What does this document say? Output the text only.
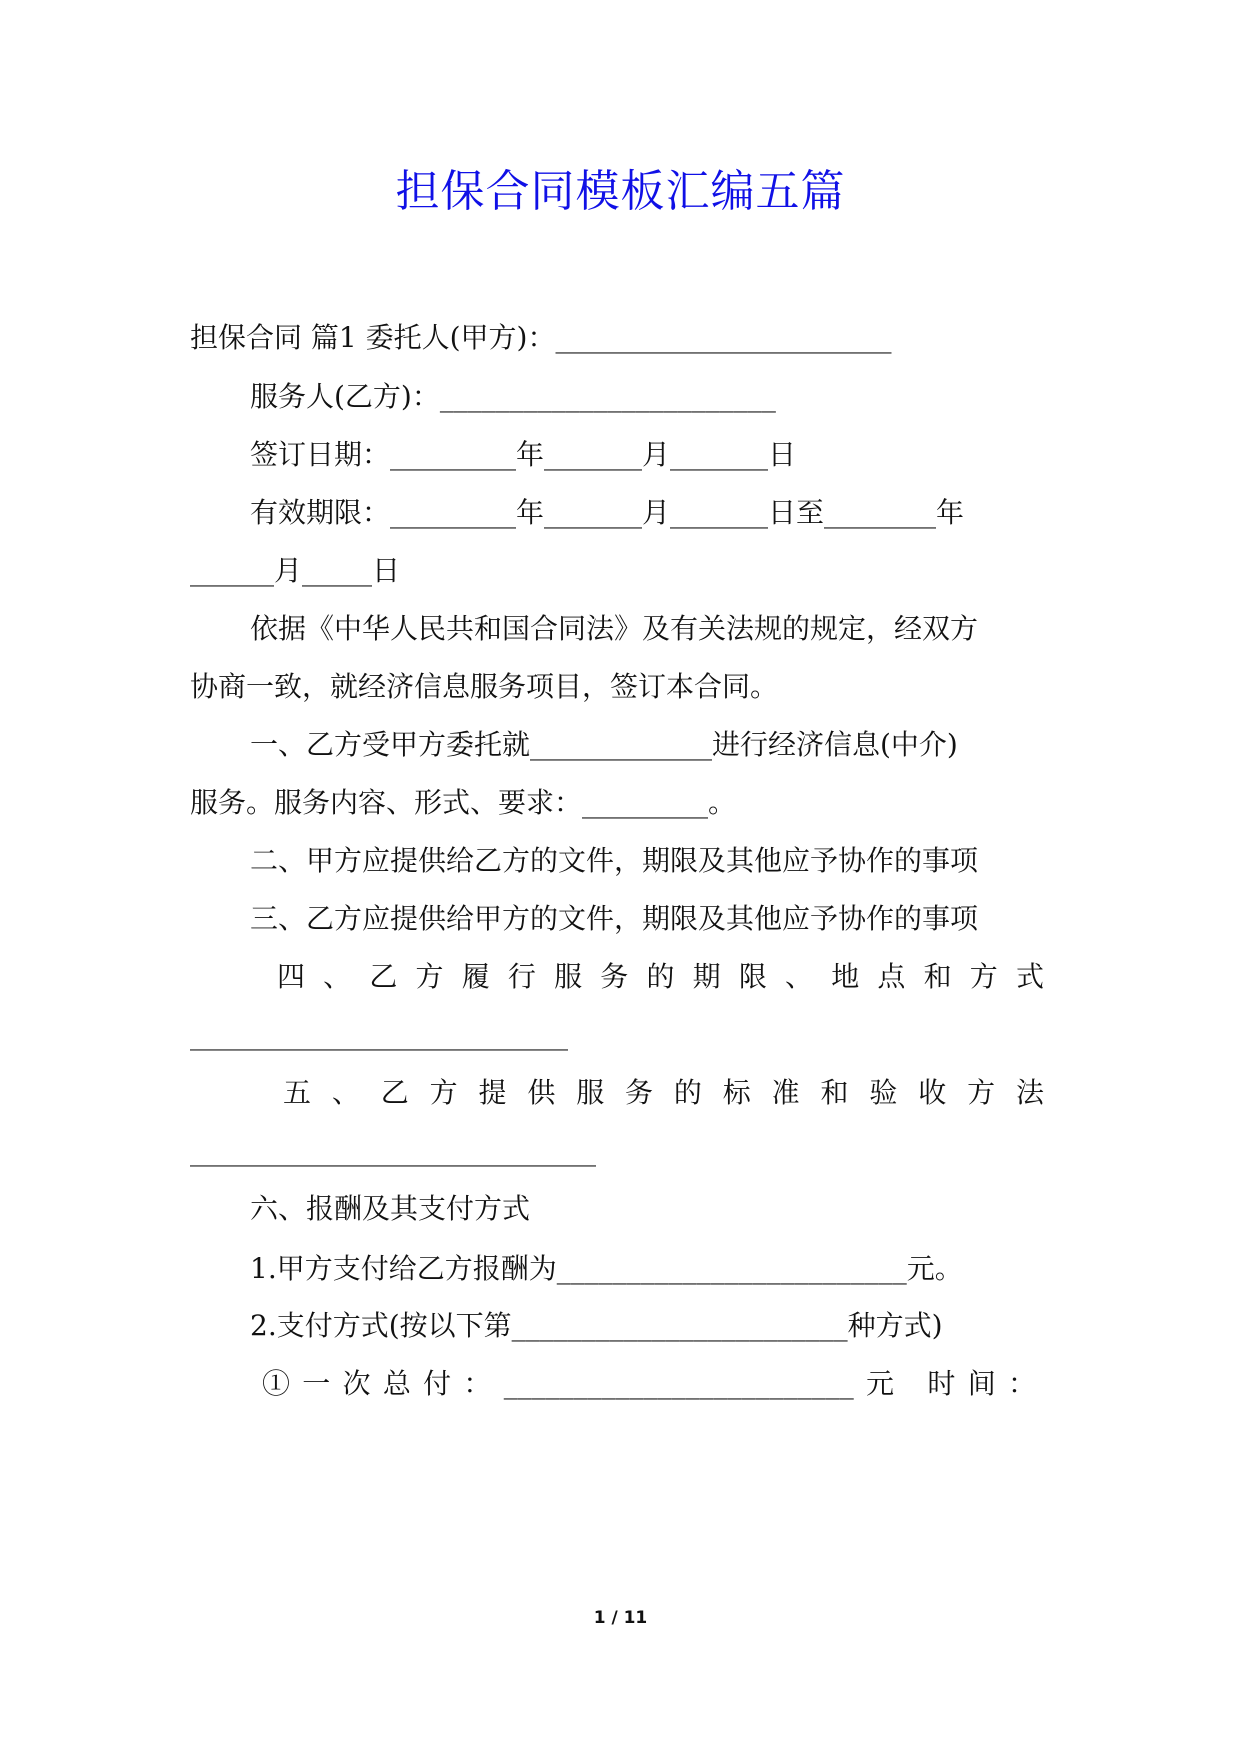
担保合同模板汇编五篇
担保合同 篇1 委托人(甲方)：________________________
服务人(乙方)：________________________
签订日期：_________年_______月_______日
有效期限：_________年_______月_______日至________年
______月_____日
依据《中华人民共和国合同法》及有关法规的规定，经双方
协商一致，就经济信息服务项目，签订本合同。
一、乙方受甲方委托就_____________进行经济信息(中介)
服务。服务内容、形式、要求：_________。
二、甲方应提供给乙方的文件，期限及其他应予协作的事项
三、乙方应提供给甲方的文件，期限及其他应予协作的事项
四、乙方履行服务的期限、地点和方式
___________________________
五、乙方提供服务的标准和验收方法
_____________________________
六、报酬及其支付方式
1.甲方支付给乙方报酬为_________________________元。
2.支付方式(按以下第________________________种方式)
①一次总付：_________________________元 时间：
1 / 11
